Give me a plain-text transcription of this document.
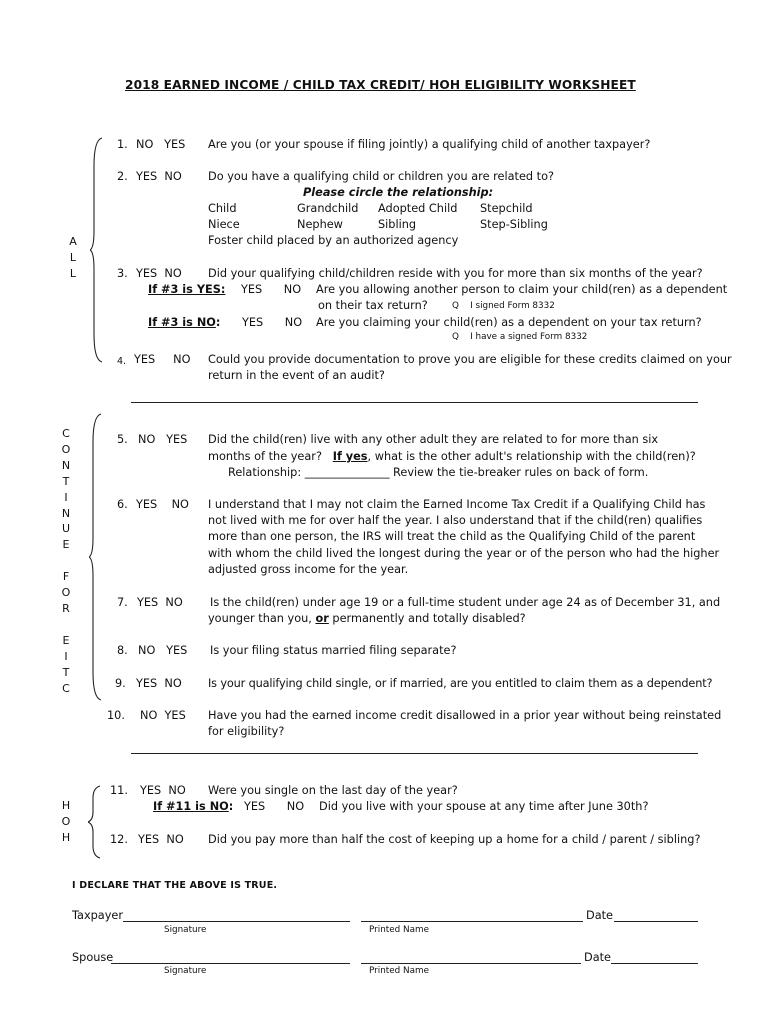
2018 EARNED INCOME / CHILD TAX CREDIT/ HOH ELIGIBILITY WORKSHEET
A
L
L
C
O
N
T
I
N
U
E
F
O
R
E
I
T
C
H
O
H
1. NO   YES Are you (or your spouse if filing jointly) a qualifying child of another taxpayer?
2. YES  NO Do you have a qualifying child or children you are related to?
Please circle the relationship:
Child	Grandchild Adopted Child Stepchild
Niece	Nephew	Sibling	Step-Sibling
Foster child placed by an authorized agency
3. YES  NO Did your qualifying child/children reside with you for more than six months of the year?
If #3 is YES: YES      NO Are you allowing another person to claim your child(ren) as a dependent
on their tax return?	Q    I signed Form 8332
If #3 is NO: YES      NO Are you claiming your child(ren) as a dependent on your tax return?
Q    I have a signed Form 8332
4. YES     NO Could you provide documentation to prove you are eligible for these credits claimed on your
return in the event of an audit?
5. NO   YES Did the child(ren) live with any other adult they are related to for more than six
months of the year?   If yes, what is the other adult's relationship with the child(ren)?
Relationship: _______________ Review the tie-breaker rules on back of form.
6. YES    NO I understand that I may not claim the Earned Income Tax Credit if a Qualifying Child has
not lived with me for over half the year. I also understand that if the child(ren) qualifies
more than one person, the IRS will treat the child as the Qualifying Child of the parent
with whom the child lived the longest during the year or of the person who had the higher
adjusted gross income for the year.
7. YES  NO Is the child(ren) under age 19 or a full-time student under age 24 as of December 31, and
younger than you, or permanently and totally disabled?
8. NO   YES Is your filing status married filing separate?
9. YES  NO Is your qualifying child single, or if married, are you entitled to claim them as a dependent?
10. NO  YES Have you had the earned income credit disallowed in a prior year without being reinstated
for eligibility?
11. YES  NO Were you single on the last day of the year?
If #11 is NO: YES      NO Did you live with your spouse at any time after June 30th?
12. YES  NO Did you pay more than half the cost of keeping up a home for a child / parent / sibling?
I DECLARE THAT THE ABOVE IS TRUE.
Taxpayer	Date
Signature	Printed Name
Spouse	Date
Signature	Printed Name
